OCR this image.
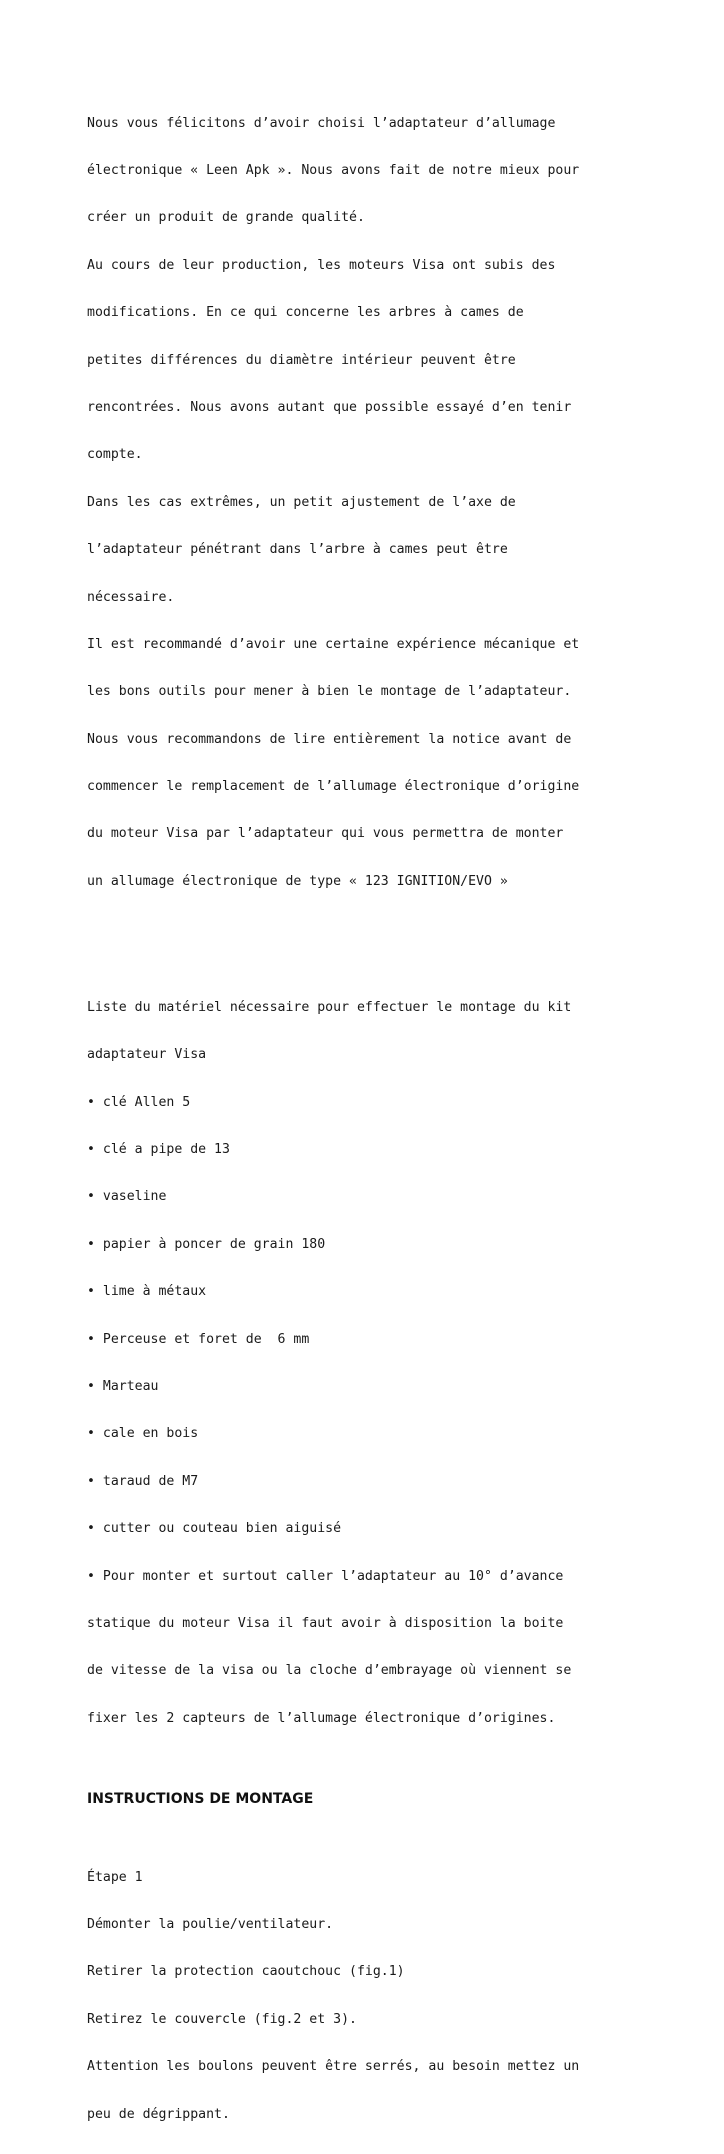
Nous vous félicitons d’avoir choisi l’adaptateur d’allumage

électronique « Leen Apk ». Nous avons fait de notre mieux pour

créer un produit de grande qualité.

Au cours de leur production, les moteurs Visa ont subis des

modifications. En ce qui concerne les arbres à cames de

petites différences du diamètre intérieur peuvent être

rencontrées. Nous avons autant que possible essayé d’en tenir

compte.

Dans les cas extrêmes, un petit ajustement de l’axe de

l’adaptateur pénétrant dans l’arbre à cames peut être

nécessaire.

Il est recommandé d’avoir une certaine expérience mécanique et

les bons outils pour mener à bien le montage de l’adaptateur.

Nous vous recommandons de lire entièrement la notice avant de

commencer le remplacement de l’allumage électronique d’origine

du moteur Visa par l’adaptateur qui vous permettra de monter

un allumage électronique de type « 123 IGNITION/EVO »

Liste du matériel nécessaire pour effectuer le montage du kit

adaptateur Visa

• clé Allen 5

• clé a pipe de 13

• vaseline

• papier à poncer de grain 180

• lime à métaux

• Perceuse et foret de  6 mm

• Marteau

• cale en bois

• taraud de M7

• cutter ou couteau bien aiguisé

• Pour monter et surtout caller l’adaptateur au 10° d’avance

statique du moteur Visa il faut avoir à disposition la boite

de vitesse de la visa ou la cloche d’embrayage où viennent se

fixer les 2 capteurs de l’allumage électronique d’origines.

INSTRUCTIONS DE MONTAGE

Étape 1

Démonter la poulie/ventilateur.

Retirer la protection caoutchouc (fig.1)

Retirez le couvercle (fig.2 et 3).

Attention les boulons peuvent être serrés, au besoin mettez un

peu de dégrippant.
